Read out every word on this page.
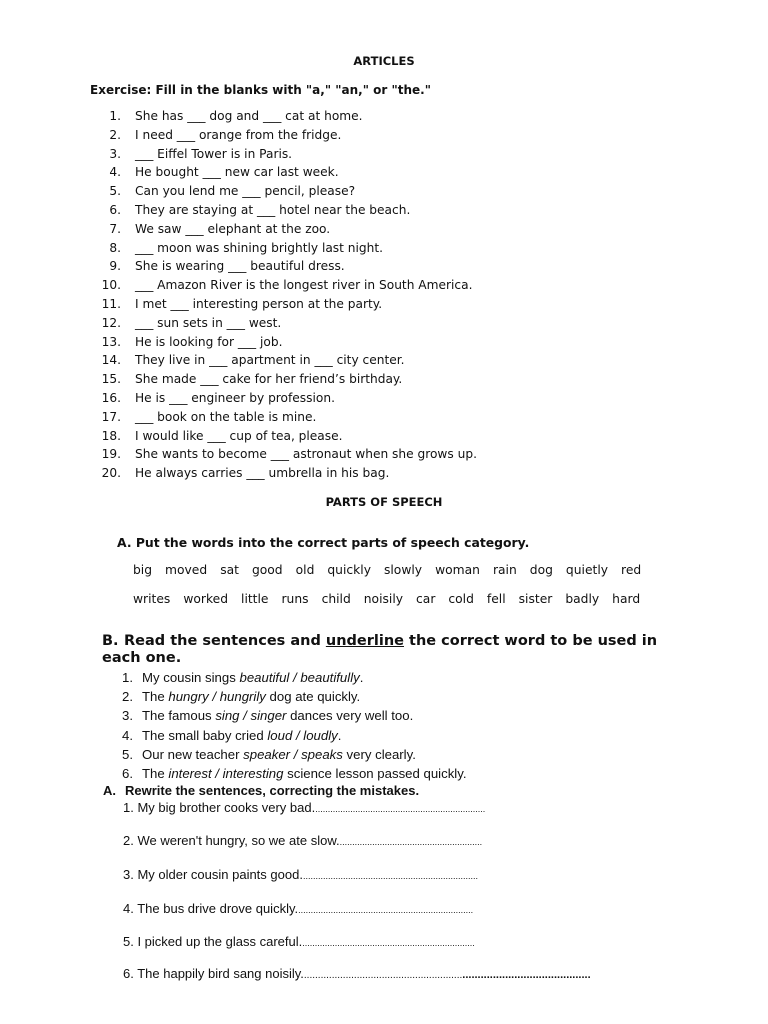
ARTICLES
Exercise: Fill in the blanks with "a," "an," or "the."
1. She has ___ dog and ___ cat at home.
2. I need ___ orange from the fridge.
3. ___ Eiffel Tower is in Paris.
4. He bought ___ new car last week.
5. Can you lend me ___ pencil, please?
6. They are staying at ___ hotel near the beach.
7. We saw ___ elephant at the zoo.
8. ___ moon was shining brightly last night.
9. She is wearing ___ beautiful dress.
10. ___ Amazon River is the longest river in South America.
11. I met ___ interesting person at the party.
12. ___ sun sets in ___ west.
13. He is looking for ___ job.
14. They live in ___ apartment in ___ city center.
15. She made ___ cake for her friend’s birthday.
16. He is ___ engineer by profession.
17. ___ book on the table is mine.
18. I would like ___ cup of tea, please.
19. She wants to become ___ astronaut when she grows up.
20. He always carries ___ umbrella in his bag.
PARTS OF SPEECH
A. Put the words into the correct parts of speech category.
big moved sat good old quickly slowly woman rain dog quietly red
writes worked little runs child noisily car cold fell sister badly hard
B. Read the sentences and underline the correct word to be used in each one.
1. My cousin sings beautiful / beautifully.
2. The hungry / hungrily dog ate quickly.
3. The famous sing / singer dances very well too.
4. The small baby cried loud / loudly.
5. Our new teacher speaker / speaks very clearly.
6. The interest / interesting science lesson passed quickly.
A. Rewrite the sentences, correcting the mistakes.
1. My big brother cooks very bad.....................................................................
2. We weren't hungry, so we ate slow..........................................................
3. My older cousin paints good.......................................................................
4. The bus drive drove quickly.......................................................................
5. I picked up the glass careful......................................................................
6. The happily bird sang noisily....................................................................................................
